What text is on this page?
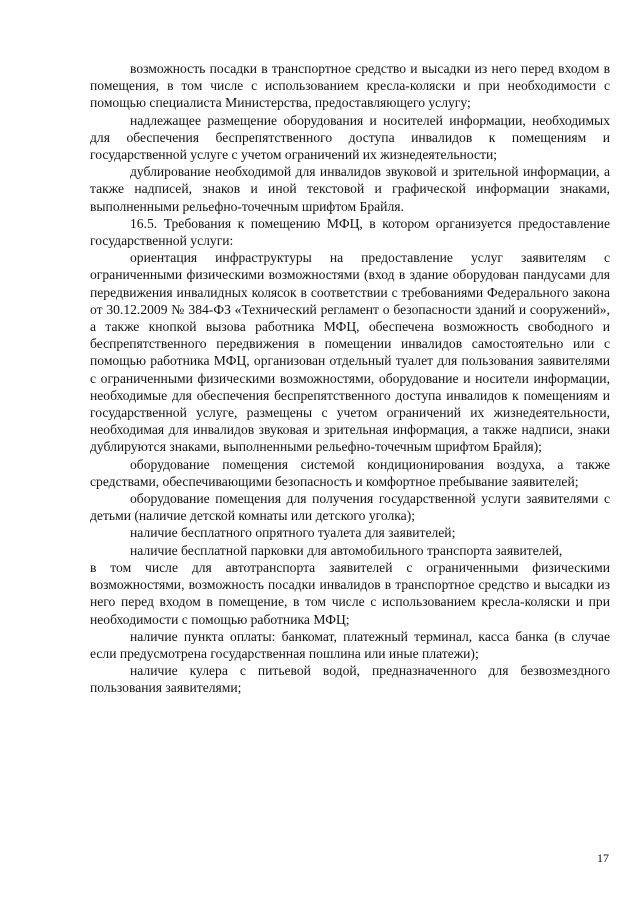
возможность посадки в транспортное средство и высадки из него перед входом в помещения, в том числе с использованием кресла-коляски и при необходимости с помощью специалиста Министерства, предоставляющего услугу;

надлежащее размещение оборудования и носителей информации, необходимых для обеспечения беспрепятственного доступа инвалидов к помещениям и государственной услуге с учетом ограничений их жизнедеятельности;

дублирование необходимой для инвалидов звуковой и зрительной информации, а также надписей, знаков и иной текстовой и графической информации знаками, выполненными рельефно-точечным шрифтом Брайля.

16.5. Требования к помещению МФЦ, в котором организуется предоставление государственной услуги:

ориентация инфраструктуры на предоставление услуг заявителям с ограниченными физическими возможностями (вход в здание оборудован пандусами для передвижения инвалидных колясок в соответствии с требованиями Федерального закона от 30.12.2009 № 384-ФЗ «Технический регламент о безопасности зданий и сооружений», а также кнопкой вызова работника МФЦ, обеспечена возможность свободного и беспрепятственного передвижения в помещении инвалидов самостоятельно или с помощью работника МФЦ, организован отдельный туалет для пользования заявителями с ограниченными физическими возможностями, оборудование и носители информации, необходимые для обеспечения беспрепятственного доступа инвалидов к помещениям и государственной услуге, размещены с учетом ограничений их жизнедеятельности, необходимая для инвалидов звуковая и зрительная информация, а также надписи, знаки дублируются знаками, выполненными рельефно-точечным шрифтом Брайля);

оборудование помещения системой кондиционирования воздуха, а также средствами, обеспечивающими безопасность и комфортное пребывание заявителей;

оборудование помещения для получения государственной услуги заявителями с детьми (наличие детской комнаты или детского уголка);

наличие бесплатного опрятного туалета для заявителей;

наличие бесплатной парковки для автомобильного транспорта заявителей,

в том числе для автотранспорта заявителей с ограниченными физическими возможностями, возможность посадки инвалидов в транспортное средство и высадки из него перед входом в помещение, в том числе с использованием кресла-коляски и при необходимости с помощью работника МФЦ;

наличие пункта оплаты: банкомат, платежный терминал, касса банка (в случае если предусмотрена государственная пошлина или иные платежи);

наличие кулера с питьевой водой, предназначенного для безвозмездного пользования заявителями;

17
